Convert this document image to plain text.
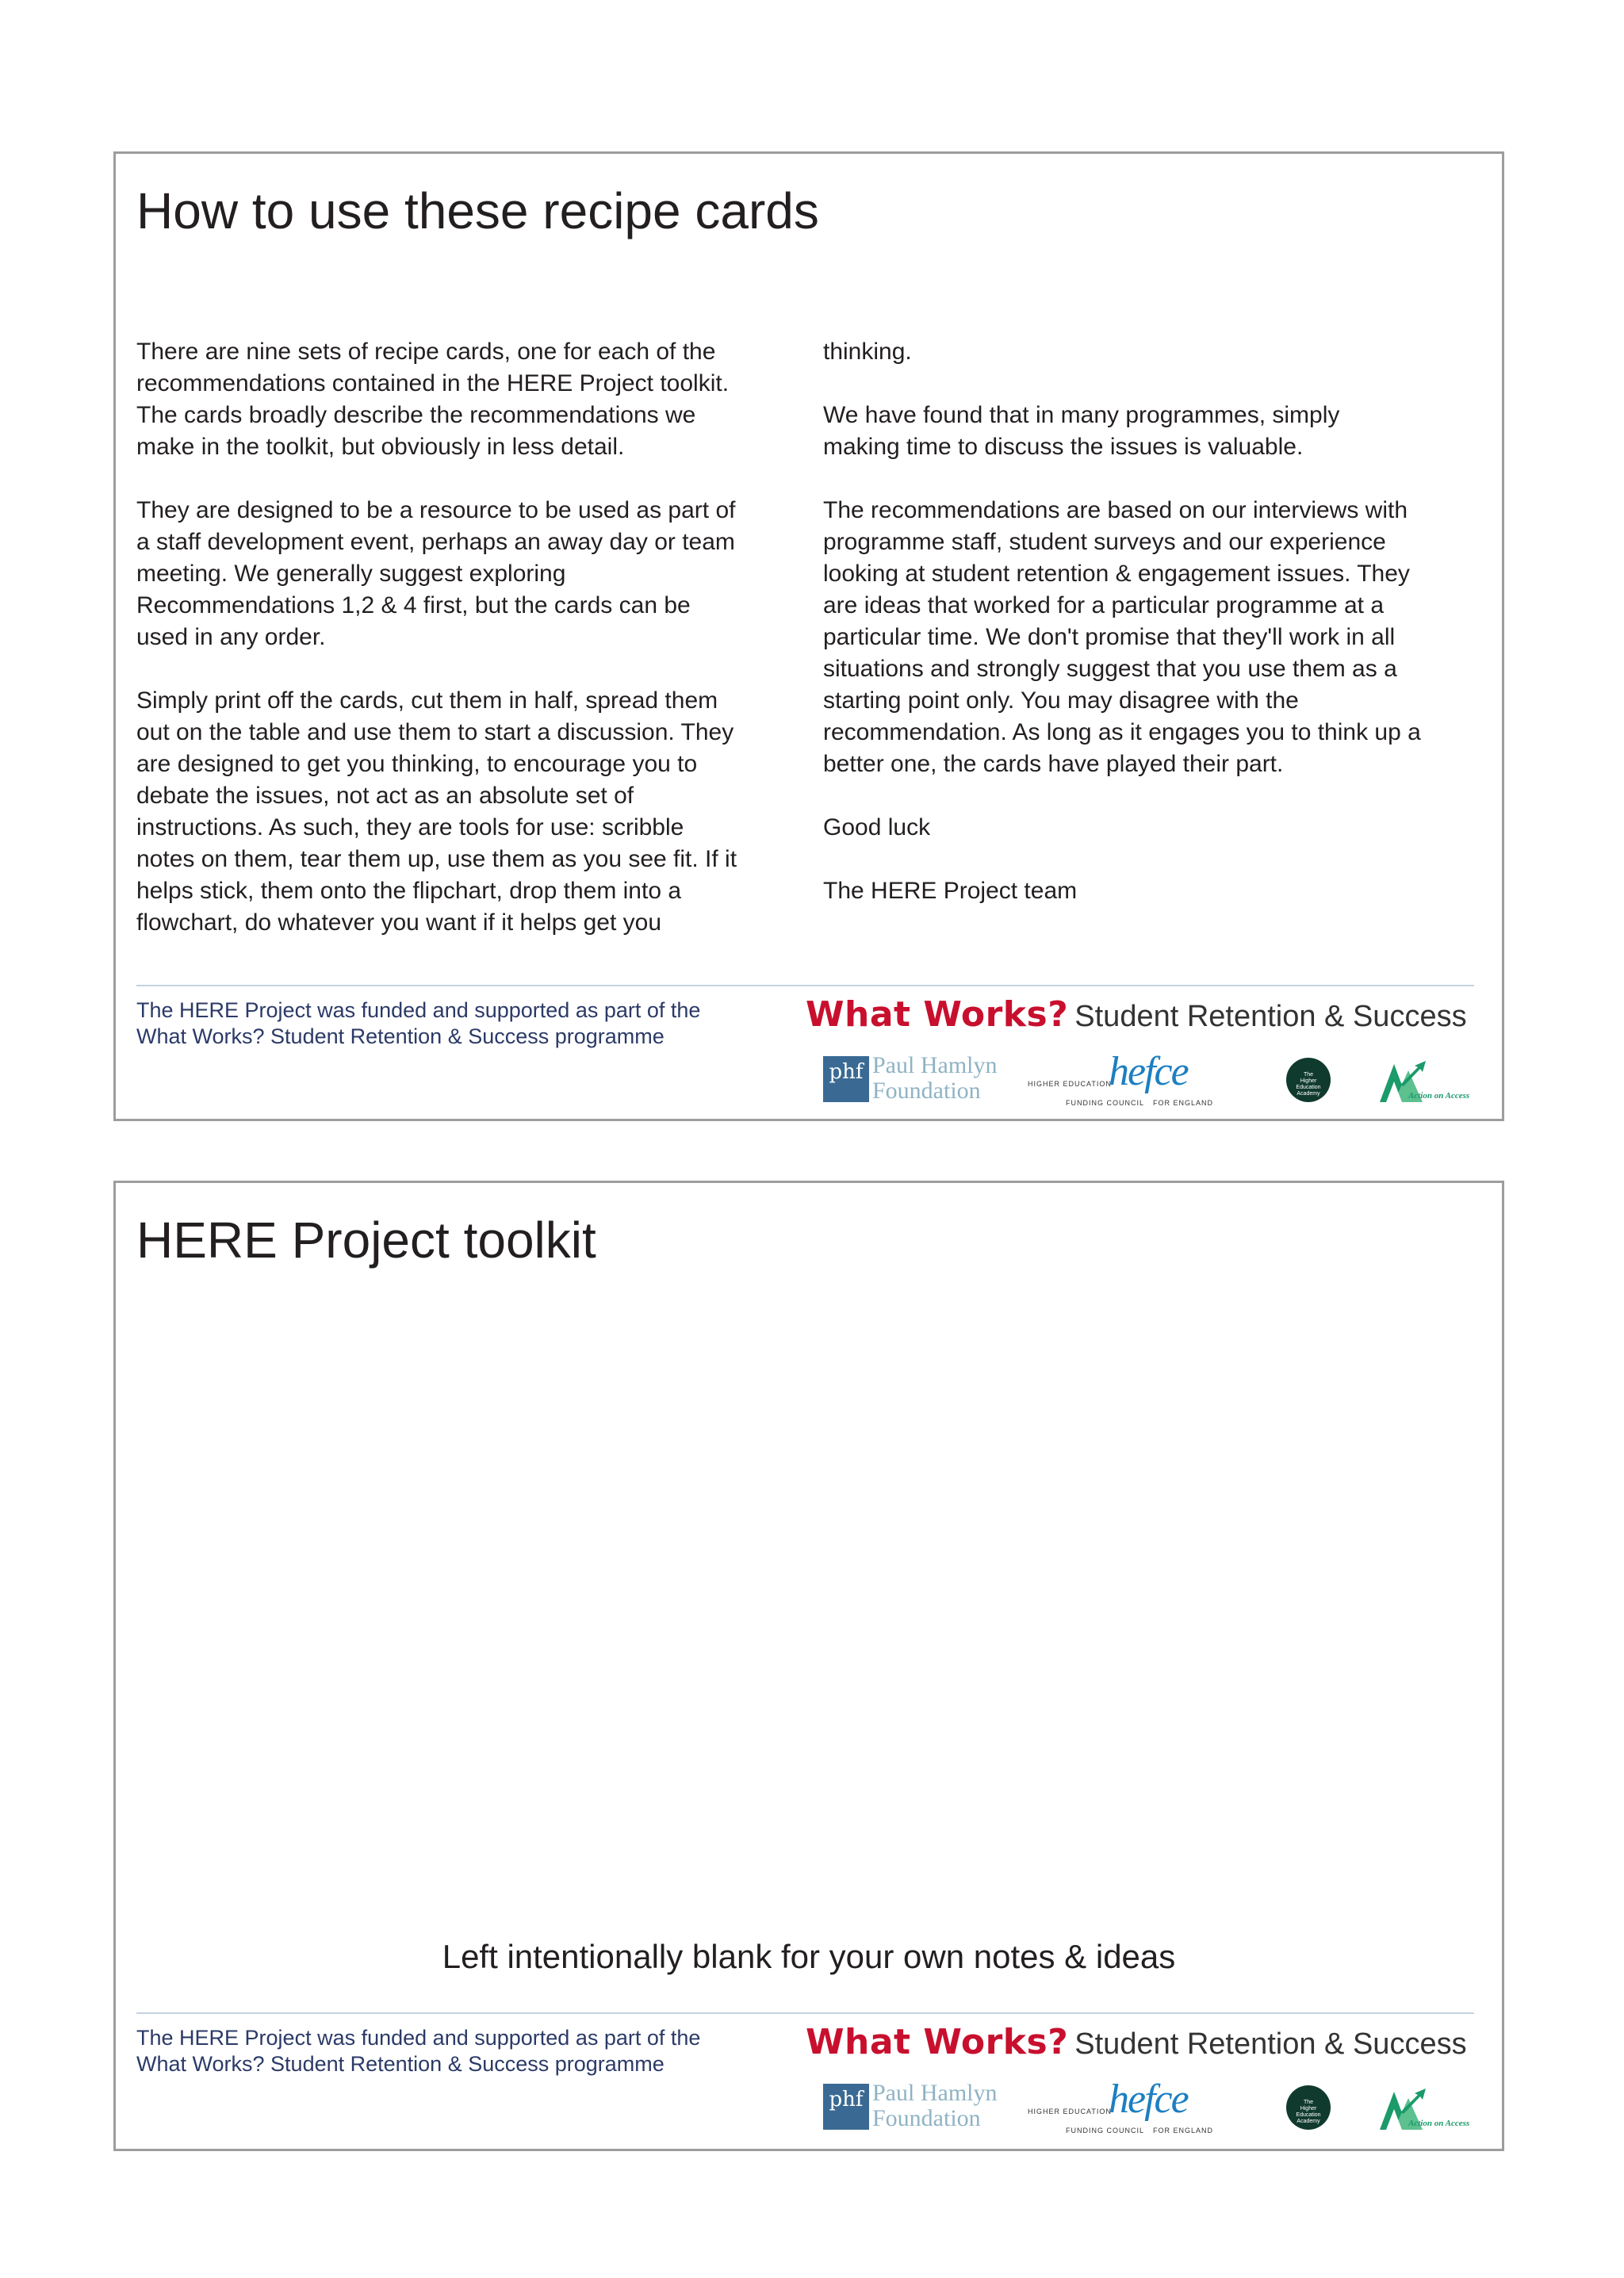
How to use these recipe cards

There are nine sets of recipe cards, one for each of the
recommendations contained in the HERE Project toolkit.
The cards broadly describe the recommendations we
make in the toolkit, but obviously in less detail.

They are designed to be a resource to be used as part of
a staff development event, perhaps an away day or team
meeting. We generally suggest exploring
Recommendations 1,2 & 4 first, but the cards can be
used in any order.

Simply print off the cards, cut them in half, spread them
out on the table and use them to start a discussion. They
are designed to get you thinking, to encourage you to
debate the issues, not act as an absolute set of
instructions. As such, they are tools for use: scribble
notes on them, tear them up, use them as you see fit. If it
helps stick, them onto the flipchart, drop them into a
flowchart, do whatever you want if it helps get you

thinking.

We have found that in many programmes, simply
making time to discuss the issues is valuable.

The recommendations are based on our interviews with
programme staff, student surveys and our experience
looking at student retention & engagement issues. They
are ideas that worked for a particular programme at a
particular time. We don't promise that they'll work in all
situations and strongly suggest that you use them as a
starting point only. You may disagree with the
recommendation. As long as it engages you to think up a
better one, the cards have played their part.

Good luck

The HERE Project team

The HERE Project was funded and supported as part of the
What Works? Student Retention & Success programme
What Works? Student Retention & Success
phf Paul Hamlyn
Foundation	HIGHER EDUCATION
hefce
FUNDING COUNCIL FOR ENGLAND
The
Higher
Education
Academy	Action on Access
HERE Project toolkit
Left intentionally blank for your own notes & ideas
The HERE Project was funded and supported as part of the
What Works? Student Retention & Success programme
What Works? Student Retention & Success
phf Paul Hamlyn
Foundation	HIGHER EDUCATION
hefce
FUNDING COUNCIL FOR ENGLAND
The
Higher
Education
Academy	Action on Access
